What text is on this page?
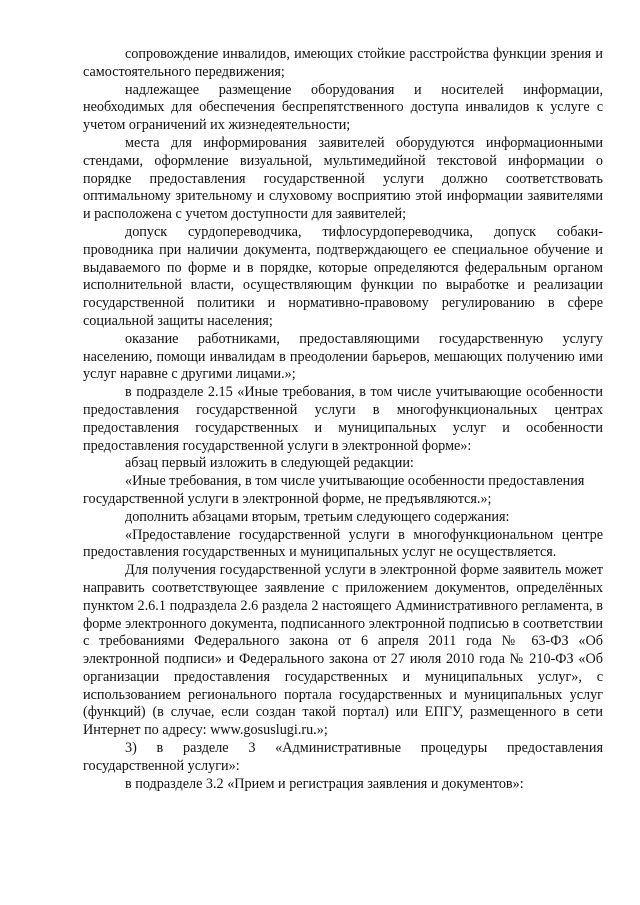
сопровождение инвалидов, имеющих стойкие расстройства функции зрения и самостоятельного передвижения;

надлежащее размещение оборудования и носителей информации, необходимых для обеспечения беспрепятственного доступа инвалидов к услуге с учетом ограничений их жизнедеятельности;

места для информирования заявителей оборудуются информационными стендами, оформление визуальной, мультимедийной текстовой информации о порядке предоставления государственной услуги должно соответствовать оптимальному зрительному и слуховому восприятию этой информации заявителями и расположена с учетом доступности для заявителей;

допуск сурдопереводчика, тифлосурдопереводчика, допуск собаки-проводника при наличии документа, подтверждающего ее специальное обучение и выдаваемого по форме и в порядке, которые определяются федеральным органом исполнительной власти, осуществляющим функции по выработке и реализации государственной политики и нормативно-правовому регулированию в сфере социальной защиты населения;

оказание работниками, предоставляющими государственную услугу населению, помощи инвалидам в преодолении барьеров, мешающих получению ими услуг наравне с другими лицами.»;

в подразделе 2.15 «Иные требования, в том числе учитывающие особенности предоставления государственной услуги в многофункциональных центрах предоставления государственных и муниципальных услуг и особенности предоставления государственной услуги в электронной форме»:

абзац первый изложить в следующей редакции:

«Иные требования, в том числе учитывающие особенности предоставления государственной услуги в электронной форме, не предъявляются.»;

дополнить абзацами вторым, третьим следующего содержания:

«Предоставление государственной услуги в многофункциональном центре предоставления государственных и муниципальных услуг не осуществляется.

Для получения государственной услуги в электронной форме заявитель может направить соответствующее заявление с приложением документов, определённых пунктом 2.6.1 подраздела 2.6 раздела 2 настоящего Административного регламента, в форме электронного документа, подписанного электронной подписью в соответствии с требованиями Федерального закона от 6 апреля 2011 года № 63-ФЗ «Об электронной подписи» и Федерального закона от 27 июля 2010 года № 210-ФЗ «Об организации предоставления государственных и муниципальных услуг», с использованием регионального портала государственных и муниципальных услуг (функций) (в случае, если создан такой портал) или ЕПГУ, размещенного в сети Интернет по адресу: www.gosuslugi.ru.»;

3) в разделе 3 «Административные процедуры предоставления государственной услуги»:

в подразделе 3.2 «Прием и регистрация заявления и документов»:
